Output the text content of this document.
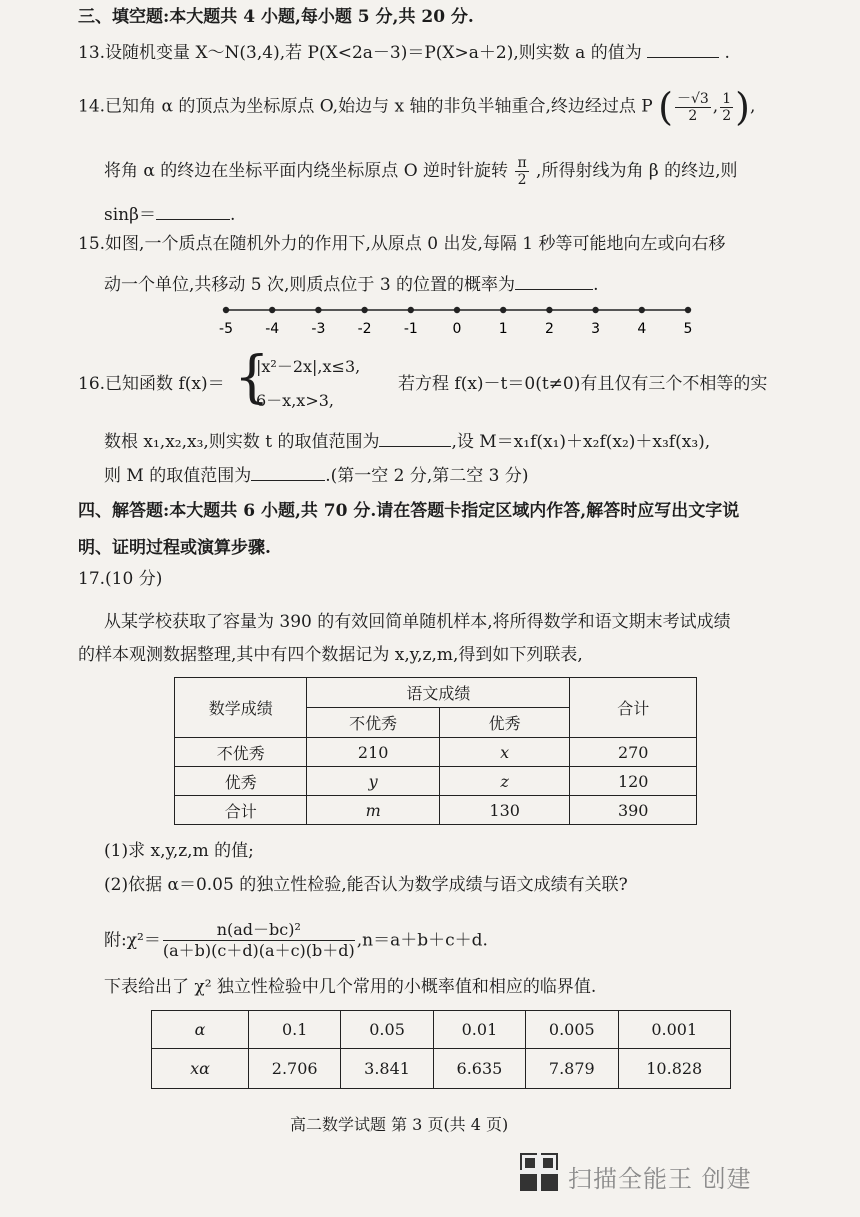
三、填空题:本大题共 4 小题,每小题 5 分,共 20 分.
13.设随机变量 X～N(3,4),若 P(X<2a－3)＝P(X>a＋2),则实数 a 的值为	.
14.已知角 α 的顶点为坐标原点 O,始边与 x 轴的非负半轴重合,终边经过点 P ( $\frac{-√3}{2}$ , $\frac{1}{2}$ ),
将角 α 的终边在坐标平面内绕坐标原点 O 逆时针旋转 $\frac{\pi}{2}$ ,所得射线为角 β 的终边,则
sinβ＝	.
15.如图,一个质点在随机外力的作用下,从原点 0 出发,每隔 1 秒等可能地向左或向右移
动一个单位,共移动 5 次,则质点位于 3 的位置的概率为	.
-5 -4 -3 -2 -1 0	1	2	3	4	5
16.已知函数 f(x)＝ {
|x²－2x|,x≤3,
6－x,x>3,
若方程 f(x)－t＝0(t≠0)有且仅有三个不相等的实
数根 x₁,x₂,x₃,则实数 t 的取值范围为	,设 M＝x₁f(x₁)＋x₂f(x₂)＋x₃f(x₃),
则 M 的取值范围为	.(第一空 2 分,第二空 3 分)
四、解答题:本大题共 6 小题,共 70 分.请在答题卡指定区域内作答,解答时应写出文字说
明、证明过程或演算步骤.
17.(10 分)
从某学校获取了容量为 390 的有效回简单随机样本,将所得数学和语文期末考试成绩
的样本观测数据整理,其中有四个数据记为 x,y,z,m,得到如下列联表,
数学成绩	语文成绩		合计
	不优秀	优秀	
不优秀	210	x	270
优秀	y	z	120
合计	m	130	390
(1)求 x,y,z,m 的值;
(2)依据 α＝0.05 的独立性检验,能否认为数学成绩与语文成绩有关联?
附:χ²＝ $\frac{\text{n(ad－bc)²}}{(a+b)(c+d)(a+c)(b+d)} ,n=a+b+c+d$.
下表给出了 χ² 独立性检验中几个常用的小概率值和相应的临界值.
α	0.1	0.05	0.01	0.005	0.001
xα	2.706	3.841	6.635	7.879	10.828
高二数学试题 第 3 页(共 4 页)
扫描全能王 创建
